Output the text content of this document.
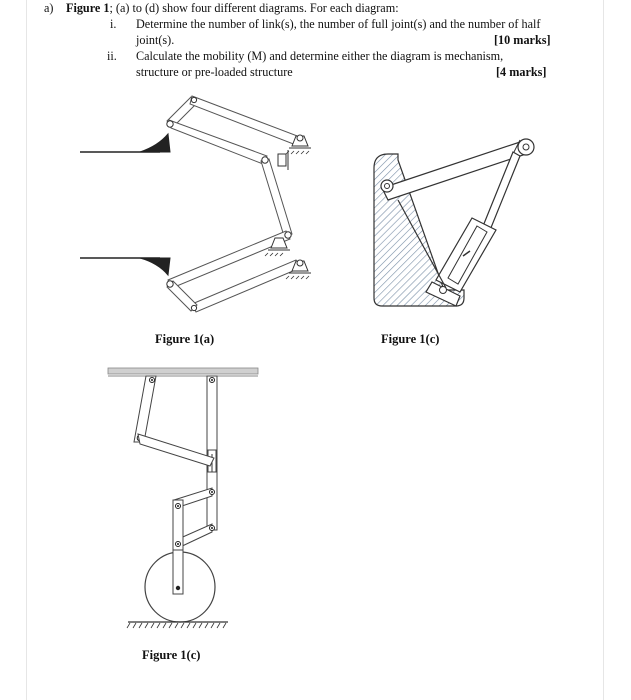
a) Figure 1; (a) to (d) show four different diagrams. For each diagram:
i. Determine the number of link(s), the number of full joint(s) and the number of half
joint(s).	[10 marks]
ii. Calculate the mobility (M) and determine either the diagram is mechanism,
structure or pre-loaded structure	[4 marks]
Figure 1(a)	Figure 1(c)
Figure 1(c)
